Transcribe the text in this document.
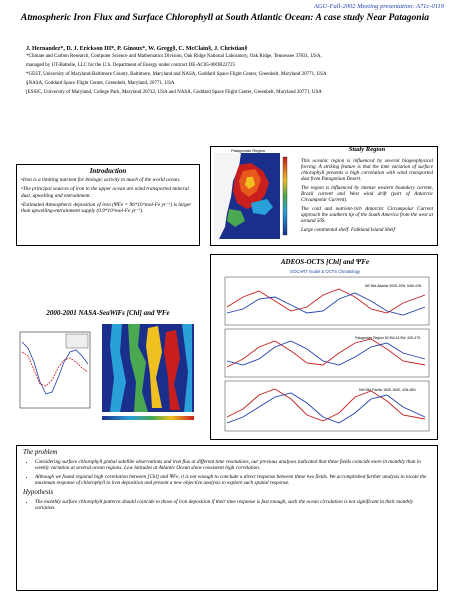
AGU-Fall-2002 Meeting presentation: A71c-0119
Atmospheric Iron Flux and Surface Chlorophyll at South Atlantic Ocean: A case study Near Patagonia
J. Hernandez*, D. J. Erickson III*, P. Ginoux*, W. Gregg§, C. McClain§, J. Christian§

*Climate and Carbon Research, Computer Science and Mathematics Division, Oak Ridge National Laboratory, Oak Ridge, Tennessee 37831, USA,

managed by UT-Battelle, LLC for the U.S. Department of Energy under contract DE-AC05-00OR22725

*GEST, University of Maryland-Baltimore County, Baltimore, Maryland and NASA, Goddard Space Flight Center, Greenbelt, Maryland 20771, USA

§NASA, Goddard Space Flight Center, Greenbelt, Maryland, 20771, USA

[ESSIC, University of Maryland, College Park, Maryland 20742, USA and NASA, Goddard Space Flight Center, Greenbelt, Maryland 20771, USA

Introduction

•Iron is a limiting nutrient for biologic activity in much of the world ocean.

•The principal sources of iron to the upper ocean are wind transported mineral dust, upwelling and entrainment.

•Estimated Atmospheric deposition of iron (ΨFe = 96*10^mol-Fe yr⁻¹) is larger than upwelling-entrainment supply (0.9*10^mol-Fe yr⁻¹).

Patagonian Region	Study Region

This oceanic region is influenced by several biogeophysical forcing. A striking feature is that the time variation of surface chlorophyll presents a high correlation with wind transported dust from Patagonian Desert.

The region is influenced by intense western boundary current, Brazil current and West wind drift (part of Antarctic Circumpolar Current).

The cold and nutrient-rich Antarctic Circumpolar Current approach the southern tip of the South America from the west at around 50S.

Large continental shelf: Falkland Island Shelf

2000-2001 NASA-SeaWiFs [Chl] and ΨFe
ADEOS-OCTS [Chl] and ΨFe
GOCART model & OCTS Climatology
NE Mid-Atlantic 300S-10W, 54W-42N
Patagonian Region 52.5W-42.5W, 40S-47S
NW Mid-Pacific 180E-160E, 42N-48N
The problem
• Considering surface chlorophyll global satellite observations and iron flux at different time resolutions, our previous analyses indicated that these fields coincide more in monthly than in weekly variation at several ocean regions. Low latitudes at Atlantic Ocean show consistent high correlation.
• Although we found regional high correlation between [Chl] and ΨFe, it is not enough to conclude a direct response between these two fields. We accomplished further analysis to locate the maximum response of chlorophyll to iron deposition and present a new objective analysis to explore such spatial response.
Hypothesis
• The monthly surface chlorophyll patterns should coincide to those of iron deposition if their time response is fast enough, such the ocean circulation is not significant in their monthly variation.
